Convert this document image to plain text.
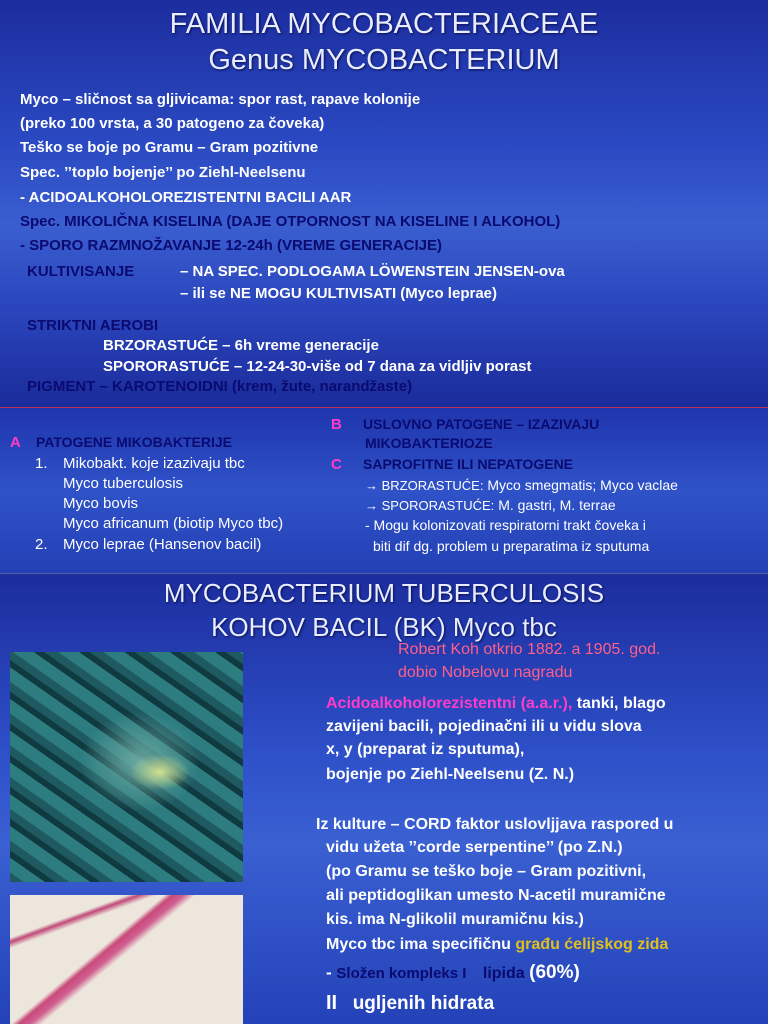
FAMILIA MYCOBACTERIACEAE
Genus MYCOBACTERIUM
Myco – sličnost sa gljivicama: spor rast, rapave kolonije
(preko 100 vrsta, a 30 patogeno za čoveka)
Teško se boje po Gramu – Gram pozitivne
Spec. ’’toplo bojenje’’ po Ziehl-Neelsenu
- ACIDOALKOHOLOREZISTENTNI BACILI AAR
Spec. MIKOLIČNA KISELINA (DAJE OTPORNOST NA KISELINE I ALKOHOL)
- SPORO RAZMNOŽAVANJE 12-24h (VREME GENERACIJE)
KULTIVISANJE	– NA SPEC. PODLOGAMA LÖWENSTEIN JENSEN-ova
– ili se NE MOGU KULTIVISATI (Myco leprae)
STRIKTNI AEROBI
BRZORASTUĆE – 6h vreme generacije
SPORORASTUĆE – 12-24-30-više od 7 dana za vidljiv porast
PIGMENT – KAROTENOIDNI (krem, žute, narandžaste)
A PATOGENE MIKOBAKTERIJE
1. Mikobakt. koje izazivaju tbc
Myco tuberculosis
Myco bovis
Myco africanum (biotip Myco tbc)
2. Myco leprae (Hansenov bacil)
B USLOVNO PATOGENE – IZAZIVAJU
MIKOBAKTERIOZE
C SAPROFITNE ILI NEPATOGENE
→ BRZORASTUĆE: Myco smegmatis; Myco vaclae
→ SPORORASTUĆE: M. gastri, M. terrae
- Mogu kolonizovati respiratorni trakt čoveka i
biti dif dg. problem u preparatima iz sputuma
MYCOBACTERIUM TUBERCULOSIS
KOHOV BACIL (BK) Myco tbc
Robert Koh otkrio 1882. a 1905. god.
dobio Nobelovu nagradu
Acidoalkoholorezistentni (a.a.r.), tanki, blago
zavijeni bacili, pojedinačni ili u vidu slova
x, y (preparat iz sputuma),
bojenje po Ziehl-Neelsenu (Z. N.)
Iz kulture – CORD faktor uslovljjava raspored u
vidu užeta ’’corde serpentine’’ (po Z.N.)
(po Gramu se teško boje – Gram pozitivni,
ali peptidoglikan umesto N-acetil muramične
kis. ima N-glikolil muramičnu kis.)
Myco tbc ima specifičnu građu ćelijskog zida
- Složen kompleks I lipida (60%)
II ugljenih hidrata
